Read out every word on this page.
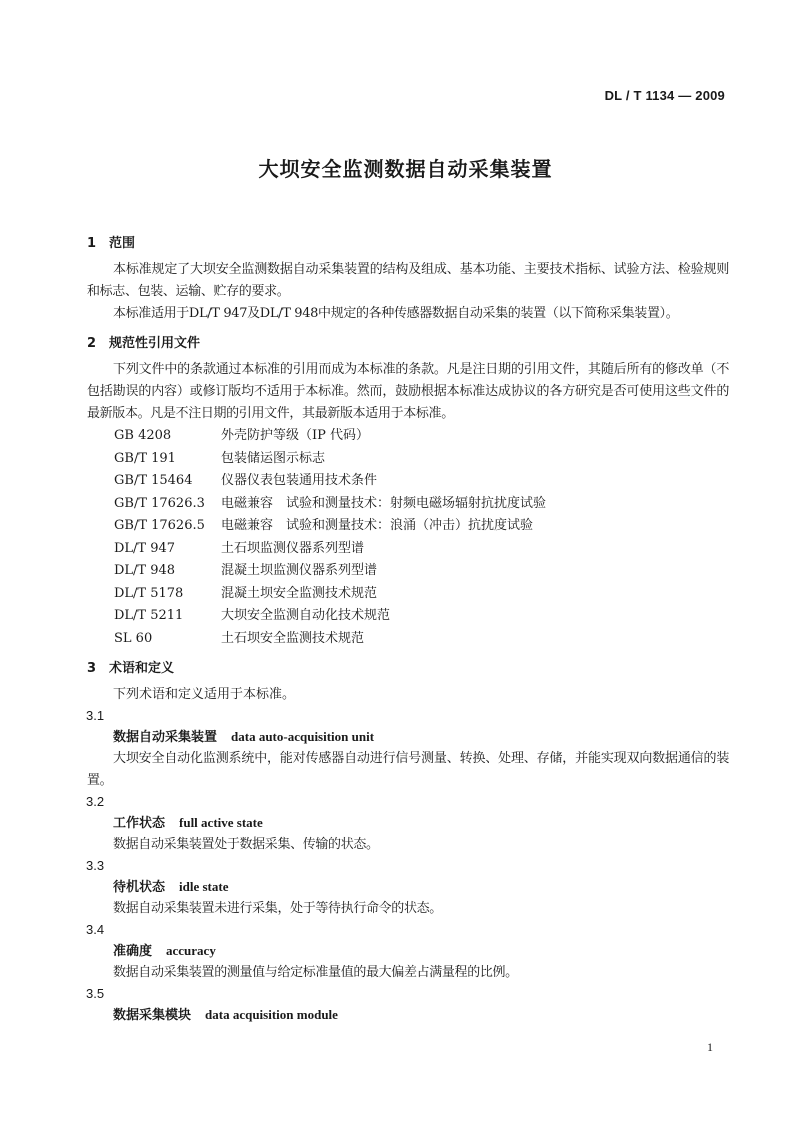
DL / T 1134 — 2009
大坝安全监测数据自动采集装置
1 范围

本标准规定了大坝安全监测数据自动采集装置的结构及组成、基本功能、主要技术指标、试验方法、检验规则和标志、包装、运输、贮存的要求。

本标准适用于DL/T 947及DL/T 948中规定的各种传感器数据自动采集的装置（以下简称采集装置）。

2 规范性引用文件

下列文件中的条款通过本标准的引用而成为本标准的条款。凡是注日期的引用文件，其随后所有的修改单（不包括勘误的内容）或修订版均不适用于本标准。然而，鼓励根据本标准达成协议的各方研究是否可使用这些文件的最新版本。凡是不注日期的引用文件，其最新版本适用于本标准。

GB 4208	外壳防护等级（IP 代码）
GB/T 191	包装储运图示标志
GB/T 15464 仪器仪表包装通用技术条件
GB/T 17626.3 电磁兼容　试验和测量技术：射频电磁场辐射抗扰度试验
GB/T 17626.5 电磁兼容　试验和测量技术：浪涌（冲击）抗扰度试验
DL/T 947	土石坝监测仪器系列型谱
DL/T 948	混凝土坝监测仪器系列型谱
DL/T 5178	混凝土坝安全监测技术规范
DL/T 5211	大坝安全监测自动化技术规范
SL 60	土石坝安全监测技术规范
3 术语和定义

下列术语和定义适用于本标准。

3.1

数据自动采集装置 data auto-acquisition unit

大坝安全自动化监测系统中，能对传感器自动进行信号测量、转换、处理、存储，并能实现双向数据通信的装置。

3.2

工作状态 full active state

数据自动采集装置处于数据采集、传输的状态。

3.3

待机状态 idle state

数据自动采集装置未进行采集，处于等待执行命令的状态。

3.4

准确度 accuracy

数据自动采集装置的测量值与给定标准量值的最大偏差占满量程的比例。

3.5

数据采集模块 data acquisition module

1
